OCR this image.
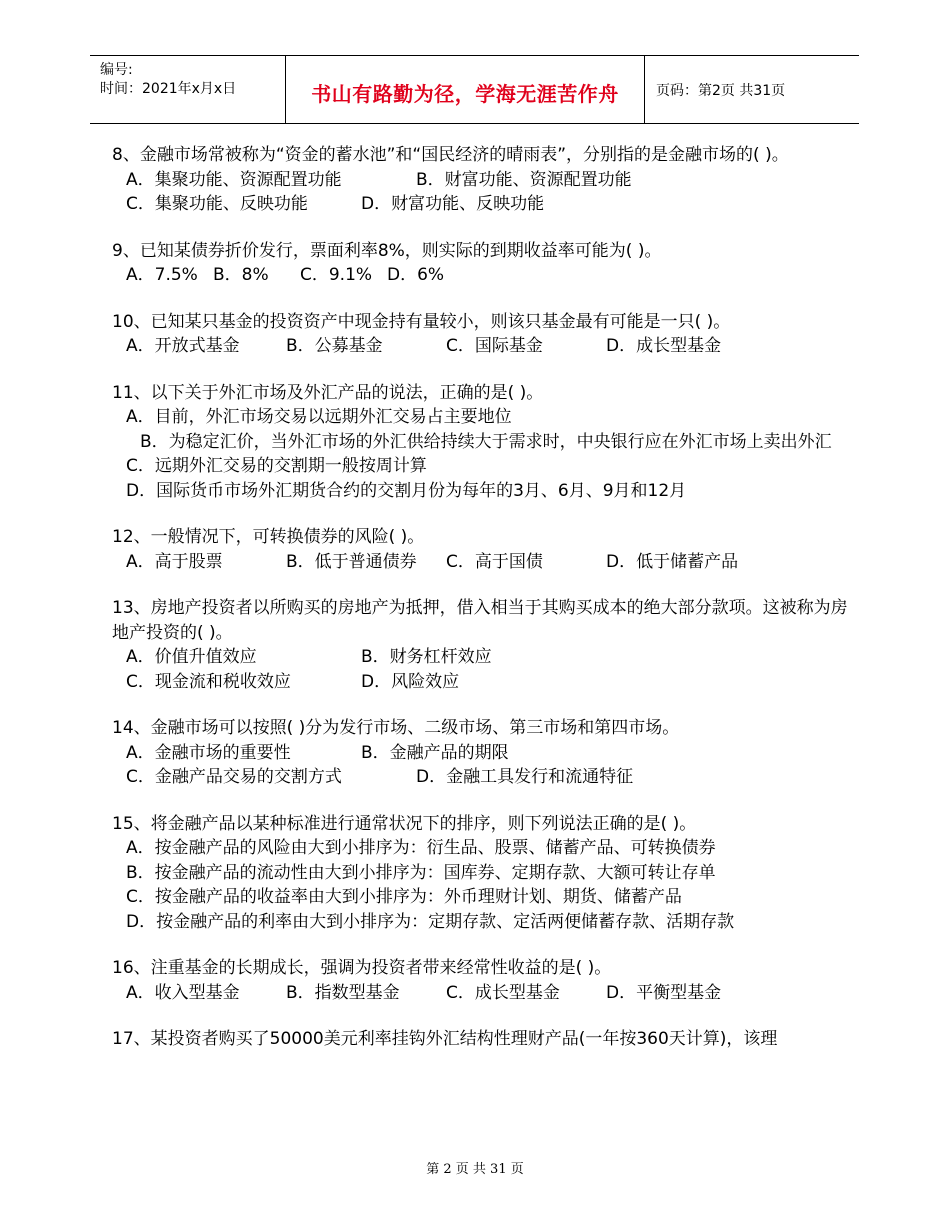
编号:
时间：2021年x月x日	书山有路勤为径，学海无涯苦作舟	页码：第2页 共31页
8、金融市场常被称为“资金的蓄水池”和“国民经济的晴雨表”，分别指的是金融市场的( )。
A．集聚功能、资源配置功能	B．财富功能、资源配置功能
C．集聚功能、反映功能	D．财富功能、反映功能
9、已知某债券折价发行，票面利率8%，则实际的到期收益率可能为( )。
A．7.5% B．8% C．9.1% D．6%
10、已知某只基金的投资资产中现金持有量较小，则该只基金最有可能是一只( )。
A．开放式基金	B．公募基金	C．国际基金	D．成长型基金
11、以下关于外汇市场及外汇产品的说法，正确的是( )。
A．目前，外汇市场交易以远期外汇交易占主要地位
B．为稳定汇价，当外汇市场的外汇供给持续大于需求时，中央银行应在外汇市场上卖出外汇
C．远期外汇交易的交割期一般按周计算
D．国际货币市场外汇期货合约的交割月份为每年的3月、6月、9月和12月
12、一般情况下，可转换债券的风险( )。
A．高于股票	B．低于普通债券 C．高于国债	D．低于储蓄产品
13、房地产投资者以所购买的房地产为抵押，借入相当于其购买成本的绝大部分款项。这被称为房地产投资的( )。
A．价值升值效应	B．财务杠杆效应
C．现金流和税收效应	D．风险效应
14、金融市场可以按照( )分为发行市场、二级市场、第三市场和第四市场。
A．金融市场的重要性	B．金融产品的期限
C．金融产品交易的交割方式	D．金融工具发行和流通特征
15、将金融产品以某种标准进行通常状况下的排序，则下列说法正确的是( )。
A．按金融产品的风险由大到小排序为：衍生品、股票、储蓄产品、可转换债券
B．按金融产品的流动性由大到小排序为：国库券、定期存款、大额可转让存单
C．按金融产品的收益率由大到小排序为：外币理财计划、期货、储蓄产品
D．按金融产品的利率由大到小排序为：定期存款、定活两便储蓄存款、活期存款
16、注重基金的长期成长，强调为投资者带来经常性收益的是( )。
A．收入型基金	B．指数型基金	C．成长型基金	D．平衡型基金
17、某投资者购买了50000美元利率挂钩外汇结构性理财产品(一年按360天计算)，该理
第 2 页 共 31 页
